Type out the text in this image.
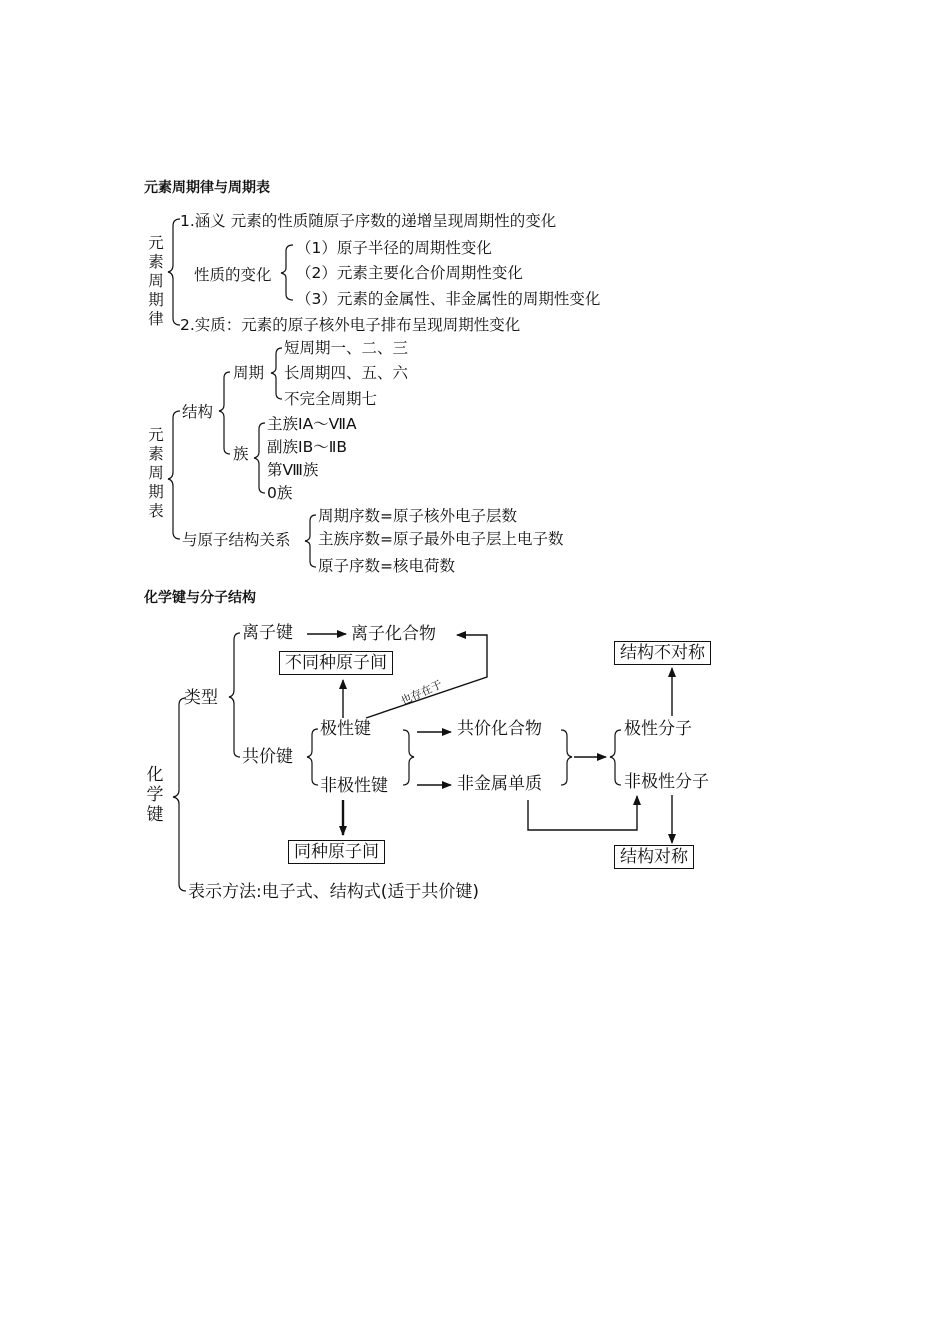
元素周期律与周期表
元素周期律
1.涵义 元素的性质随原子序数的递增呈现周期性的变化
性质的变化
（1）原子半径的周期性变化
（2）元素主要化合价周期性变化
（3）元素的金属性、非金属性的周期性变化
2.实质：元素的原子核外电子排布呈现周期性变化
元素周期表
结构
周期
短周期一、二、三
长周期四、五、六
不完全周期七
族
主族ⅠA～ⅦA
副族ⅠB～ⅡB
第Ⅷ族
0族
与原子结构关系
周期序数=原子核外电子层数
主族序数=原子最外电子层上电子数
原子序数=核电荷数
化学键与分子结构
化学键
类型
离子键	离子化合物
不同种原子间
也存在于
共价键
极性键
非极性键
同种原子间
共价化合物
非金属单质
极性分子
非极性分子
结构不对称
结构对称
表示方法:电子式、结构式(适于共价键)
